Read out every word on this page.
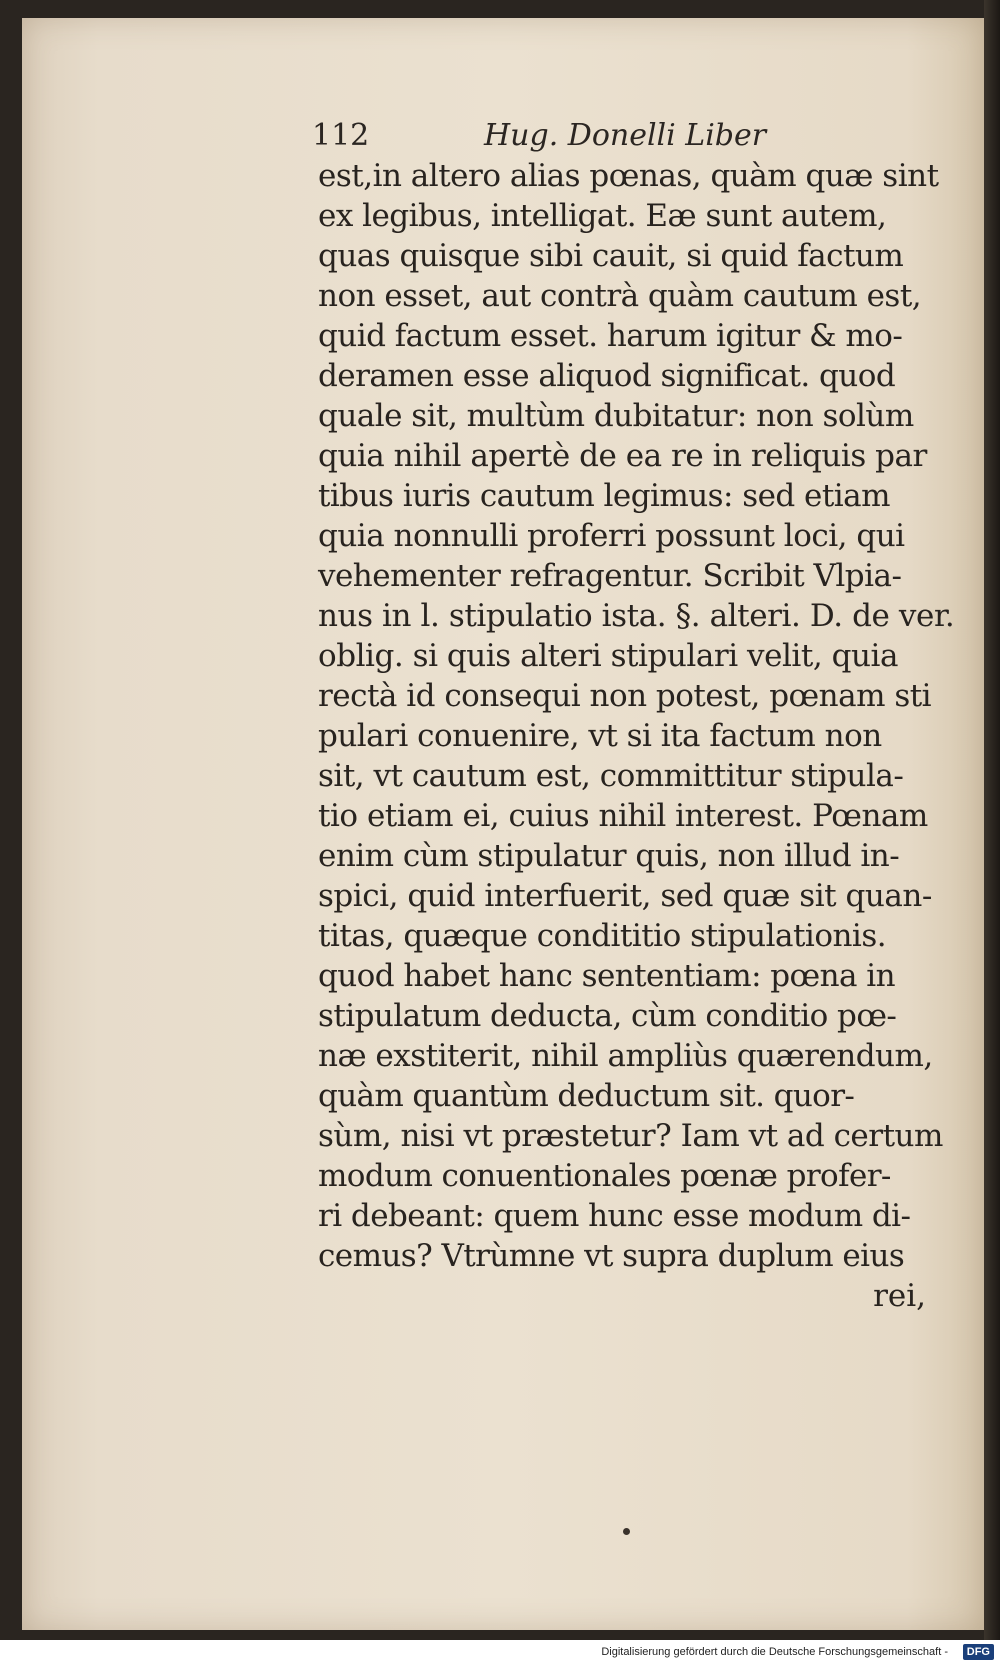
112	Hug. Donelli Liber
est,in altero alias pœnas, quàm quæ sint
ex legibus, intelligat. Eæ sunt autem,
quas quisque sibi cauit, si quid factum
non esset, aut contrà quàm cautum est,
quid factum esset. harum igitur & mo-
deramen esse aliquod significat. quod
quale sit, multùm dubitatur: non solùm
quia nihil apertè de ea re in reliquis par
tibus iuris cautum legimus: sed etiam
quia nonnulli proferri possunt loci, qui
vehementer refragentur. Scribit Vlpia-
nus in l. stipulatio ista. §. alteri. D. de ver.
oblig. si quis alteri stipulari velit, quia
rectà id consequi non potest, pœnam sti
pulari conuenire, vt si ita factum non
sit, vt cautum est, committitur stipula-
tio etiam ei, cuius nihil interest. Pœnam
enim cùm stipulatur quis, non illud in-
spici, quid interfuerit, sed quæ sit quan-
titas, quæque condititio stipulationis.
quod habet hanc sententiam: pœna in
stipulatum deducta, cùm conditio pœ-
næ exstiterit, nihil ampliùs quærendum,
quàm quantùm deductum sit. quor-
sùm, nisi vt præstetur? Iam vt ad certum
modum conuentionales pœnæ profer-
ri debeant: quem hunc esse modum di-
cemus? Vtrùmne vt supra duplum eius
rei,
Digitalisierung gefördert durch die Deutsche Forschungsgemeinschaft -	DFG
